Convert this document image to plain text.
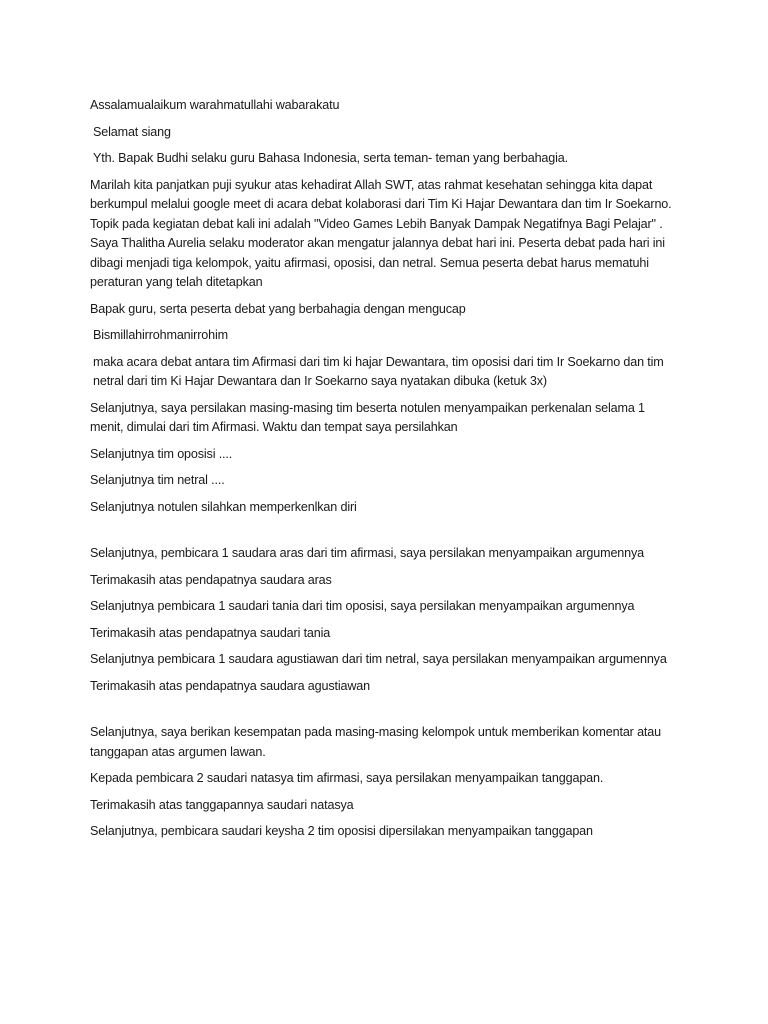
Assalamualaikum warahmatullahi wabarakatu

Selamat siang

Yth. Bapak Budhi selaku guru Bahasa Indonesia, serta teman- teman yang berbahagia.

Marilah kita panjatkan puji syukur atas kehadirat Allah SWT, atas rahmat kesehatan sehingga kita dapat berkumpul melalui google meet di acara debat kolaborasi dari Tim Ki Hajar Dewantara dan tim Ir Soekarno. Topik pada kegiatan debat kali ini adalah "Video Games Lebih Banyak Dampak Negatifnya Bagi Pelajar" . Saya Thalitha Aurelia selaku moderator akan mengatur jalannya debat hari ini. Peserta debat pada hari ini dibagi menjadi tiga kelompok, yaitu afirmasi, oposisi, dan netral. Semua peserta debat harus mematuhi peraturan yang telah ditetapkan

Bapak guru, serta peserta debat yang berbahagia dengan mengucap

Bismillahirrohmanirrohim

maka acara debat antara tim Afirmasi dari tim ki hajar Dewantara, tim oposisi dari tim Ir Soekarno dan tim netral dari tim Ki Hajar Dewantara dan Ir Soekarno saya nyatakan dibuka (ketuk 3x)

Selanjutnya, saya persilakan masing-masing tim beserta notulen menyampaikan perkenalan selama 1 menit, dimulai dari tim Afirmasi. Waktu dan tempat saya persilahkan

Selanjutnya tim oposisi ....

Selanjutnya tim netral ....

Selanjutnya notulen silahkan memperkenlkan diri

Selanjutnya, pembicara 1 saudara aras dari tim afirmasi, saya persilakan menyampaikan argumennya

Terimakasih atas pendapatnya saudara aras

Selanjutnya pembicara 1 saudari tania dari tim oposisi, saya persilakan menyampaikan argumennya

Terimakasih atas pendapatnya saudari tania

Selanjutnya pembicara 1 saudara agustiawan dari tim netral, saya persilakan menyampaikan argumennya

Terimakasih atas pendapatnya saudara agustiawan

Selanjutnya, saya berikan kesempatan pada masing-masing kelompok untuk memberikan komentar atau tanggapan atas argumen lawan.

Kepada pembicara 2 saudari natasya tim afirmasi, saya persilakan menyampaikan tanggapan.

Terimakasih atas tanggapannya saudari natasya

Selanjutnya, pembicara saudari keysha 2 tim oposisi dipersilakan menyampaikan tanggapan
